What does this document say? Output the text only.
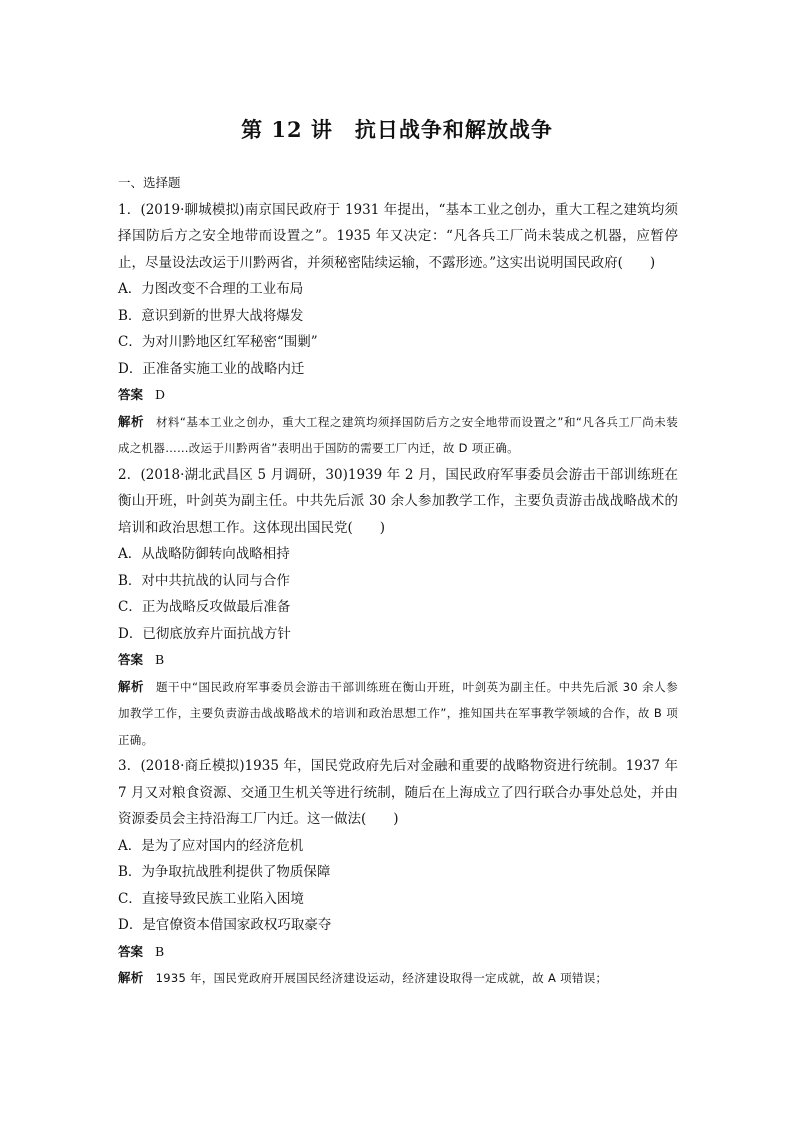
第 12 讲　抗日战争和解放战争

一、选择题

1．(2019·聊城模拟)南京国民政府于 1931 年提出，“基本工业之创办，重大工程之建筑均须择国防后方之安全地带而设置之”。1935 年又决定：“凡各兵工厂尚未装成之机器，应暂停止，尽量设法改运于川黔两省，并须秘密陆续运输，不露形迹。”这实出说明国民政府(　　)

A．力图改变不合理的工业布局

B．意识到新的世界大战将爆发

C．为对川黔地区红军秘密“围剿”

D．正准备实施工业的战略内迁

答案 D

解析 材料“基本工业之创办，重大工程之建筑均须择国防后方之安全地带而设置之”和“凡各兵工厂尚未装成之机器……改运于川黔两省”表明出于国防的需要工厂内迁，故 D 项正确。

2．(2018·湖北武昌区 5 月调研，30)1939 年 2 月，国民政府军事委员会游击干部训练班在衡山开班，叶剑英为副主任。中共先后派 30 余人参加教学工作，主要负责游击战战略战术的培训和政治思想工作。这体现出国民党(　　)

A．从战略防御转向战略相持

B．对中共抗战的认同与合作

C．正为战略反攻做最后准备

D．已彻底放弃片面抗战方针

答案 B

解析 题干中“国民政府军事委员会游击干部训练班在衡山开班，叶剑英为副主任。中共先后派 30 余人参加教学工作，主要负责游击战战略战术的培训和政治思想工作”，推知国共在军事教学领域的合作，故 B 项正确。

3．(2018·商丘模拟)1935 年，国民党政府先后对金融和重要的战略物资进行统制。1937 年 7 月又对粮食资源、交通卫生机关等进行统制，随后在上海成立了四行联合办事处总处，并由资源委员会主持沿海工厂内迁。这一做法(　　)

A．是为了应对国内的经济危机

B．为争取抗战胜利提供了物质保障

C．直接导致民族工业陷入困境

D．是官僚资本借国家政权巧取豪夺

答案 B

解析 1935 年，国民党政府开展国民经济建设运动，经济建设取得一定成就，故 A 项错误；
